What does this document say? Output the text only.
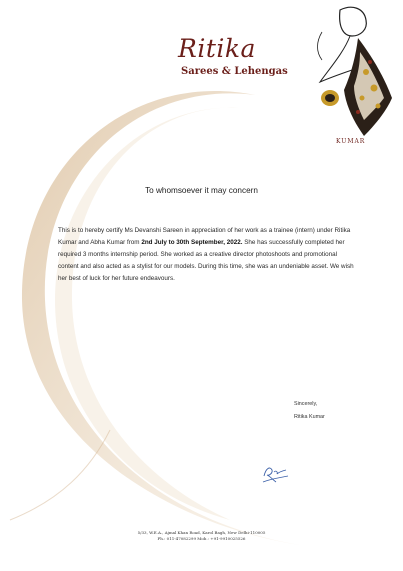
Ritika
Sarees & Lehengas
KUMAR
To whomsoever it may concern
This is to hereby certify Ms Devanshi Sareen in appreciation of her work as a trainee (intern) under Ritika Kumar and Abha Kumar from 2nd July to 30th September, 2022. She has successfully completed her required 3 months internship period. She worked as a creative director photoshoots and promotional content and also acted as a stylist for our models. During this time, she was an undeniable asset. We wish her best of luck for her future endeavours.
Sincerely,
Ritika Kumar
5/33, W.E.A., Ajmal Khan Road, Karol Bagh, New Delhi-110005
Ph.: 011-47082299 Mob.: +91-9910025526
